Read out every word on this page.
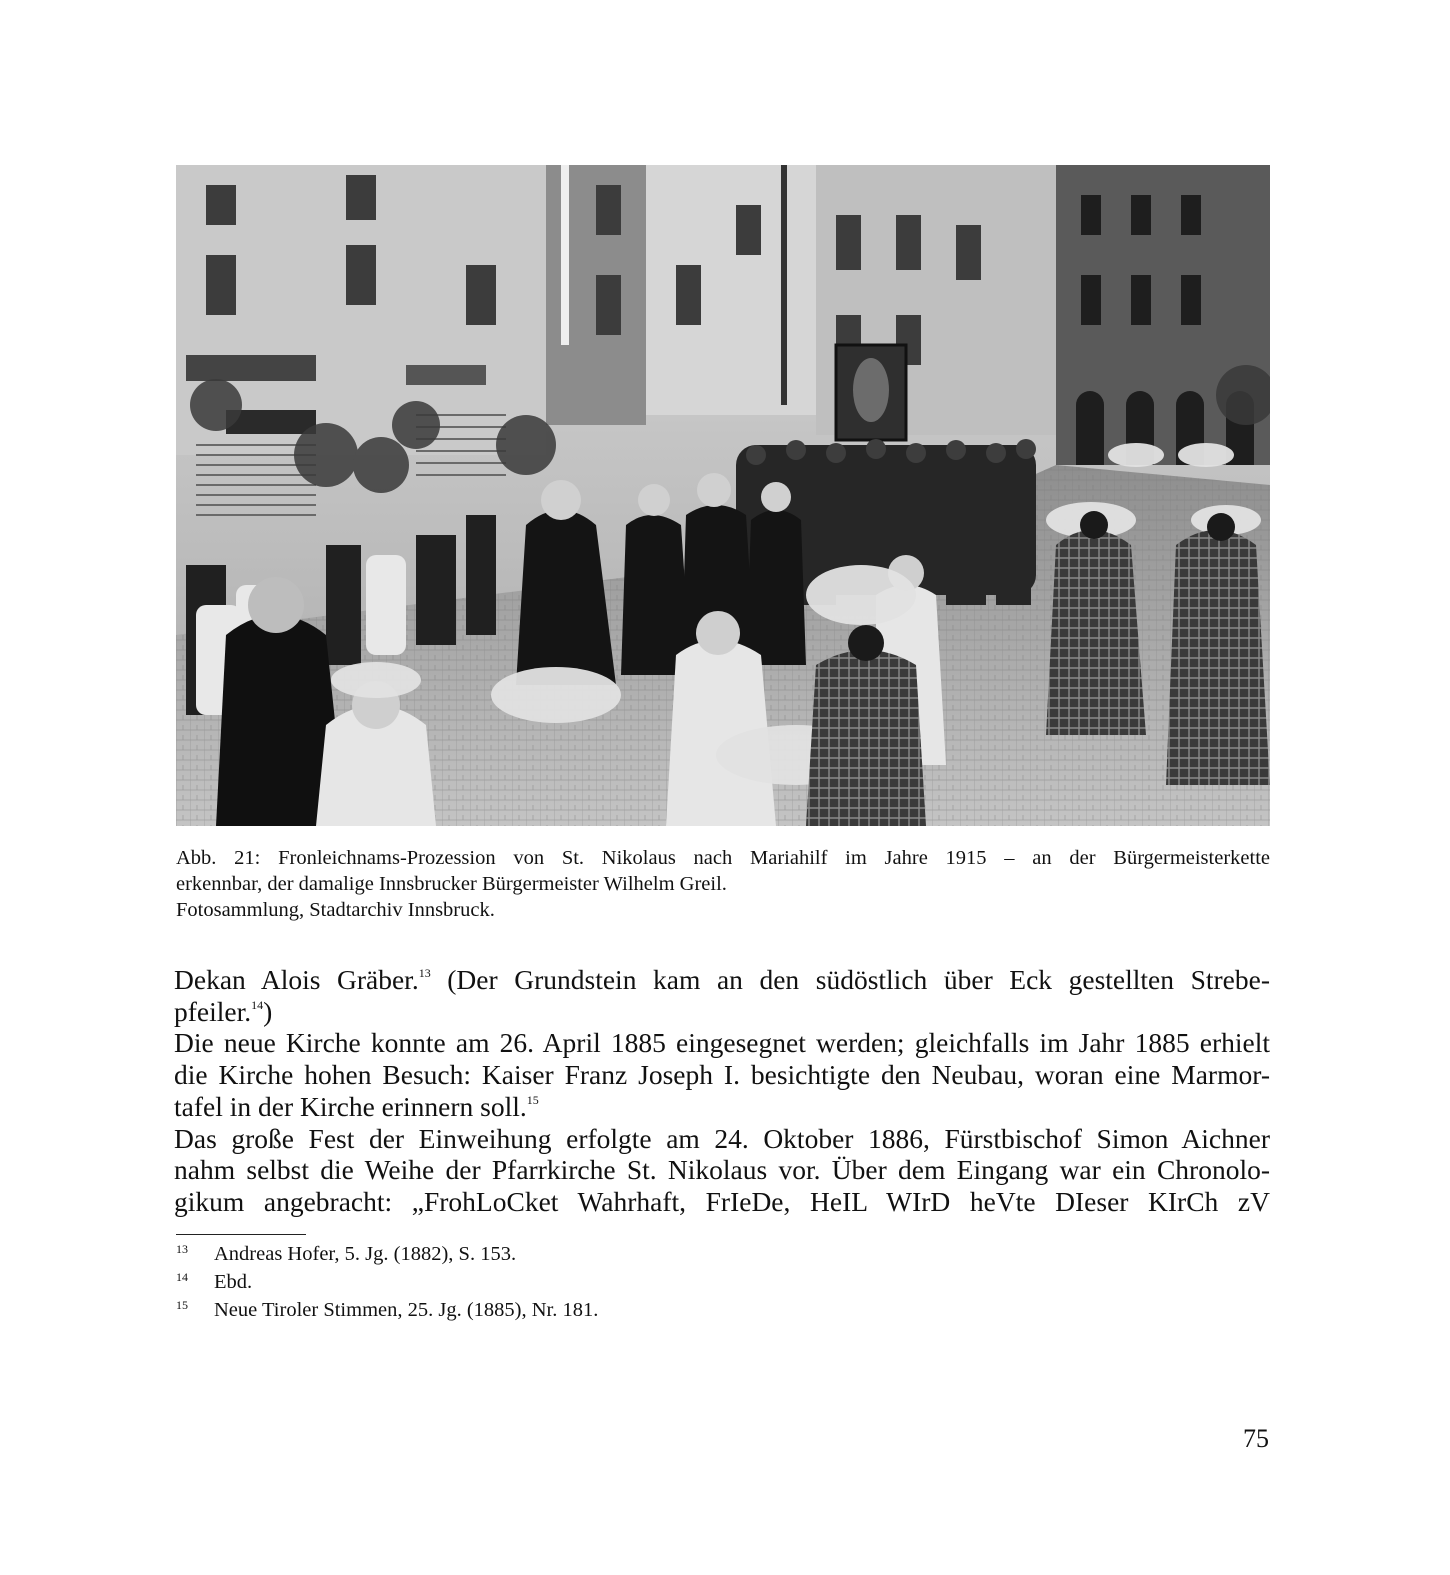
Abb. 21: Fronleichnams-Prozession von St. Nikolaus nach Mariahilf im Jahre 1915 – an der Bürgermeisterkette
erkennbar, der damalige Innsbrucker Bürgermeister Wilhelm Greil.
Fotosammlung, Stadtarchiv Innsbruck.
Dekan Alois Gräber.$^{13}$ (Der Grundstein kam an den südöstlich über Eck gestellten Strebe-
pfeiler.$^{14}$)
Die neue Kirche konnte am 26. April 1885 eingesegnet werden; gleichfalls im Jahr 1885 erhielt
die Kirche hohen Besuch: Kaiser Franz Joseph I. besichtigte den Neubau, woran eine Marmor-
tafel in der Kirche erinnern soll.$^{15}$
Das große Fest der Einweihung erfolgte am 24. Oktober 1886, Fürstbischof Simon Aichner
nahm selbst die Weihe der Pfarrkirche St. Nikolaus vor. Über dem Eingang war ein Chronolo-
gikum angebracht: „FrohLoCket Wahrhaft, FrIeDe, HeIL WIrD heVte DIeser KIrCh zV
13 Andreas Hofer, 5. Jg. (1882), S. 153.
14 Ebd.
15 Neue Tiroler Stimmen, 25. Jg. (1885), Nr. 181.
75
